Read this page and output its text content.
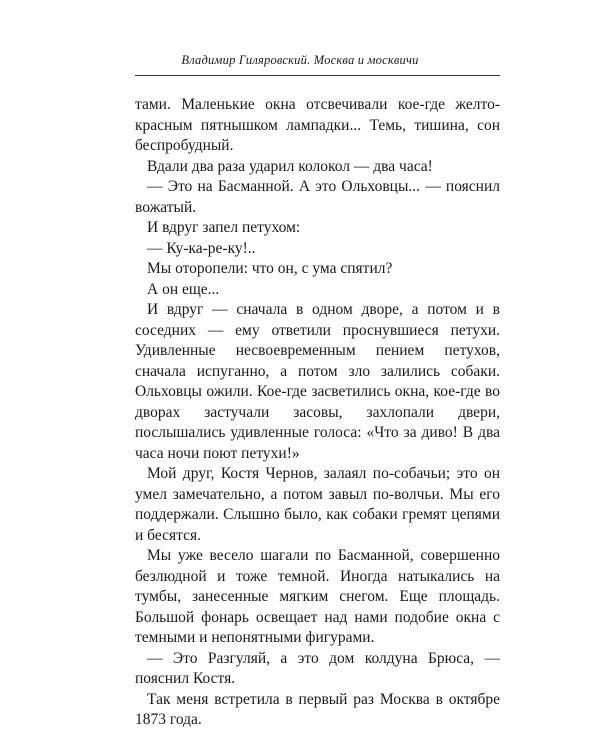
Владимир Гиляровский. Москва и москвичи

тами. Маленькие окна отсвечивали кое-где желто-красным пятнышком лампадки... Темь, тишина, сон беспробудный.

Вдали два раза ударил колокол — два часа!

— Это на Басманной. А это Ольховцы... — пояснил вожатый.

И вдруг запел петухом:

— Ку-ка-ре-ку!..

Мы оторопели: что он, с ума спятил?

А он еще...

И вдруг — сначала в одном дворе, а потом и в соседних — ему ответили проснувшиеся петухи. Удивленные несвоевременным пением петухов, сначала испуганно, а потом зло залились собаки. Ольховцы ожили. Кое-где засветились окна, кое-где во дворах застучали засовы, захлопали двери, послышались удивленные голоса: «Что за диво! В два часа ночи поют петухи!»

Мой друг, Костя Чернов, залаял по-собачьи; это он умел замечательно, а потом завыл по-волчьи. Мы его поддержали. Слышно было, как собаки гремят цепями и бесятся.

Мы уже весело шагали по Басманной, совершенно безлюдной и тоже темной. Иногда натыкались на тумбы, занесенные мягким снегом. Еще площадь. Большой фонарь освещает над нами подобие окна с темными и непонятными фигурами.

— Это Разгуляй, а это дом колдуна Брюса, — пояснил Костя.

Так меня встретила в первый раз Москва в октябре 1873 года.
